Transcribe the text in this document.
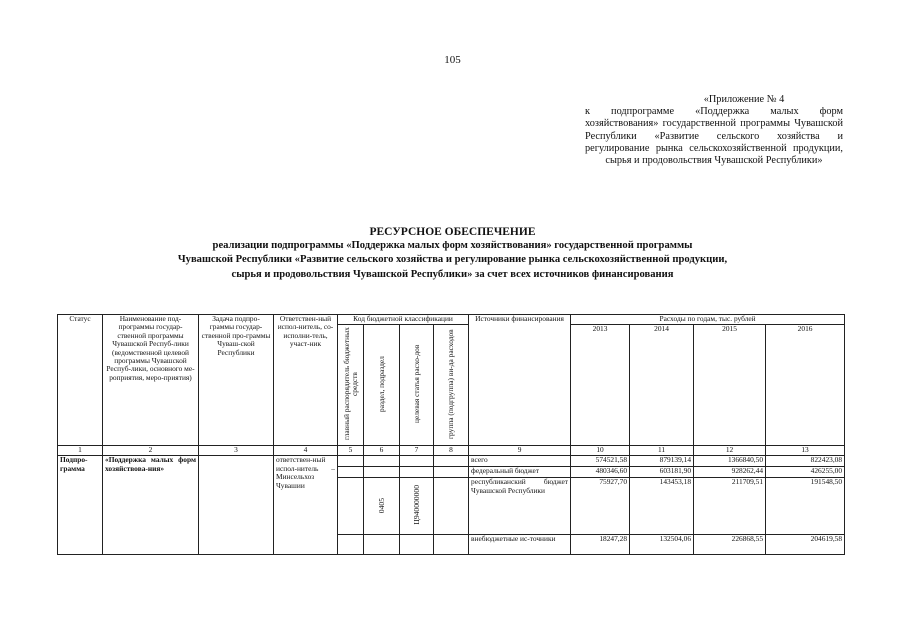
105
«Приложение № 4
к подпрограмме «Поддержка малых форм хозяйствования» государственной программы Чувашской Республики «Развитие сельского хозяйства и регулирование рынка сельскохозяйственной продукции, сырья и продовольствия Чувашской Республики»
РЕСУРСНОЕ ОБЕСПЕЧЕНИЕ
реализации подпрограммы «Поддержка малых форм хозяйствования» государственной программы
Чувашской Республики «Развитие сельского хозяйства и регулирование рынка сельскохозяйственной продукции,
сырья и продовольствия Чувашской Республики» за счет всех источников финансирования
Статус	Наименование под-программы государ-ственной программы Чувашской Респуб-лики (ведомственной целевой программы Чувашской Респуб-лики, основного ме-роприятия, меро-приятия)	Задача подпро-граммы государ-ственной про-граммы Чуваш-ской Республики	Ответствен-ный испол-нитель, со-исполни-тель, участ-ник	Код бюджетной классификации				Источники финансирования	Расходы по годам, тыс. рублей			
				главный распорядитель бюджетных средств	раздел, подраздел	целевая статья расхо-дов	группа (подгруппа) ви-да расходов		2013	2014	2015	2016
1	2	3	4	5	6	7	8	9	10	11	12	13
Подпро-грамма	«Поддержка малых форм хозяйствова-ния»		ответствен-ный испол-нитель – Минсельхоз Чувашии					всего	574521,58	879139,14	1366840,50	822423,08
								федеральный бюджет	480346,60	603181,90	928262,44	426255,00
					0405	Ц940000000		республиканский бюджет Чувашской Республики	75927,70	143453,18	211709,51	191548,50
								внебюджетные ис-точники	18247,28	132504,06	226868,55	204619,58
